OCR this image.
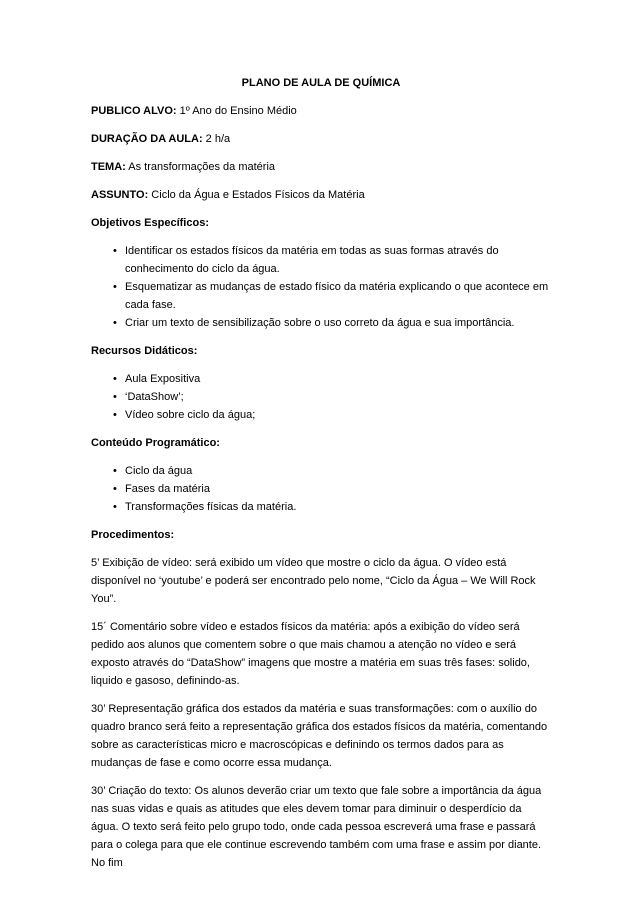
PLANO DE AULA DE QUÍMICA
PUBLICO ALVO: 1º Ano do Ensino Médio
DURAÇÃO DA AULA: 2 h/a
TEMA: As transformações da matéria
ASSUNTO: Ciclo da Água e Estados Físicos da Matéria
Objetivos Específicos:
• Identificar os estados físicos da matéria em todas as suas formas através do conhecimento do ciclo da água.
• Esquematizar as mudanças de estado físico da matéria explicando o que acontece em cada fase.
• Criar um texto de sensibilização sobre o uso correto da água e sua importância.
Recursos Didáticos:
• Aula Expositiva
• ‘DataShow’;
• Vídeo sobre ciclo da água;
Conteúdo Programático:
• Ciclo da água
• Fases da matéria
• Transformações físicas da matéria.
Procedimentos:
5’ Exibição de vídeo: será exibido um vídeo que mostre o ciclo da água. O vídeo está disponível no ‘youtube’ e poderá ser encontrado pelo nome, “Ciclo da Água – We Will Rock You”.
15´ Comentário sobre vídeo e estados físicos da matéria: após a exibição do vídeo será pedido aos alunos que comentem sobre o que mais chamou a atenção no vídeo e será exposto através do “DataShow” imagens que mostre a matéria em suas três fases: solido, liquido e gasoso, definindo-as.
30’ Representação gráfica dos estados da matéria e suas transformações: com o auxílio do quadro branco será feito a representação gráfica dos estados físicos da matéria, comentando sobre as características micro e macroscópicas e definindo os termos dados para as mudanças de fase e como ocorre essa mudança.
30’ Criação do texto: Os alunos deverão criar um texto que fale sobre a importância da água nas suas vidas e quais as atitudes que eles devem tomar para diminuir o desperdício da água. O texto será feito pelo grupo todo, onde cada pessoa escreverá uma frase e passará para o colega para que ele continue escrevendo também com uma frase e assim por diante. No fim
